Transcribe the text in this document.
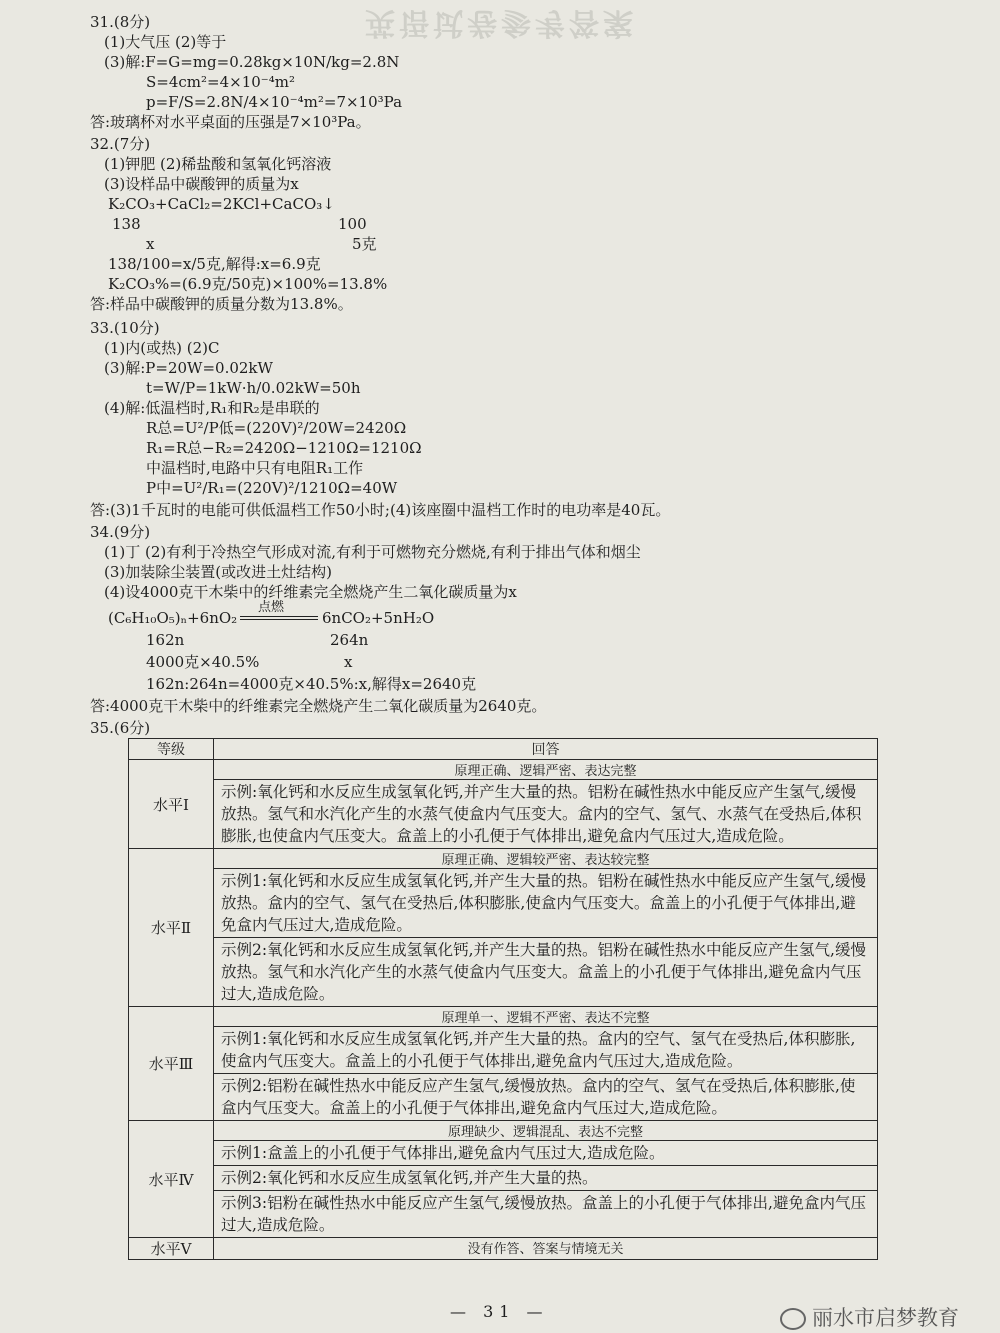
英语试卷参考答案
31.(8分)
(1)大气压 (2)等于
(3)解:F=G=mg=0.28kg×10N/kg=2.8N
S=4cm²=4×10⁻⁴m²
p=F/S=2.8N/4×10⁻⁴m²=7×10³Pa
答:玻璃杯对水平桌面的压强是7×10³Pa。
32.(7分)
(1)钾肥 (2)稀盐酸和氢氧化钙溶液
(3)设样品中碳酸钾的质量为x
K₂CO₃+CaCl₂=2KCl+CaCO₃↓
138	100
x	5克
138/100=x/5克,解得:x=6.9克
K₂CO₃%=(6.9克/50克)×100%=13.8%
答:样品中碳酸钾的质量分数为13.8%。
33.(10分)
(1)内(或热) (2)C
(3)解:P=20W=0.02kW
t=W/P=1kW·h/0.02kW=50h
(4)解:低温档时,R₁和R₂是串联的
R总=U²/P低=(220V)²/20W=2420Ω
R₁=R总−R₂=2420Ω−1210Ω=1210Ω
中温档时,电路中只有电阻R₁工作
P中=U²/R₁=(220V)²/1210Ω=40W
答:(3)1千瓦时的电能可供低温档工作50小时;(4)该座圈中温档工作时的电功率是40瓦。
34.(9分)
(1)丁 (2)有利于冷热空气形成对流,有利于可燃物充分燃烧,有利于排出气体和烟尘
(3)加装除尘装置(或改进土灶结构)
(4)设4000克干木柴中的纤维素完全燃烧产生二氧化碳质量为x
点燃
(C₆H₁₀O₅)ₙ+6nO₂	6nCO₂+5nH₂O
162n	264n
4000克×40.5%	x
162n:264n=4000克×40.5%:x,解得x=2640克
答:4000克干木柴中的纤维素完全燃烧产生二氧化碳质量为2640克。
35.(6分)
等级	回答
水平Ⅰ	原理正确、逻辑严密、表达完整
	示例:氧化钙和水反应生成氢氧化钙,并产生大量的热。铝粉在碱性热水中能反应产生氢气,缓慢放热。氢气和水汽化产生的水蒸气使盒内气压变大。盒内的空气、氢气、水蒸气在受热后,体积膨胀,也使盒内气压变大。盒盖上的小孔便于气体排出,避免盒内气压过大,造成危险。
水平Ⅱ	原理正确、逻辑较严密、表达较完整
	示例1:氧化钙和水反应生成氢氧化钙,并产生大量的热。铝粉在碱性热水中能反应产生氢气,缓慢放热。盒内的空气、氢气在受热后,体积膨胀,使盒内气压变大。盒盖上的小孔便于气体排出,避免盒内气压过大,造成危险。
	示例2:氧化钙和水反应生成氢氧化钙,并产生大量的热。铝粉在碱性热水中能反应产生氢气,缓慢放热。氢气和水汽化产生的水蒸气使盒内气压变大。盒盖上的小孔便于气体排出,避免盒内气压过大,造成危险。
水平Ⅲ	原理单一、逻辑不严密、表达不完整
	示例1:氧化钙和水反应生成氢氧化钙,并产生大量的热。盒内的空气、氢气在受热后,体积膨胀,使盒内气压变大。盒盖上的小孔便于气体排出,避免盒内气压过大,造成危险。
	示例2:铝粉在碱性热水中能反应产生氢气,缓慢放热。盒内的空气、氢气在受热后,体积膨胀,使盒内气压变大。盒盖上的小孔便于气体排出,避免盒内气压过大,造成危险。
水平Ⅳ	原理缺少、逻辑混乱、表达不完整
	示例1:盒盖上的小孔便于气体排出,避免盒内气压过大,造成危险。
	示例2:氧化钙和水反应生成氢氧化钙,并产生大量的热。
	示例3:铝粉在碱性热水中能反应产生氢气,缓慢放热。盒盖上的小孔便于气体排出,避免盒内气压过大,造成危险。
水平Ⅴ	没有作答、答案与情境无关
— 31 —	丽水市启梦教育
